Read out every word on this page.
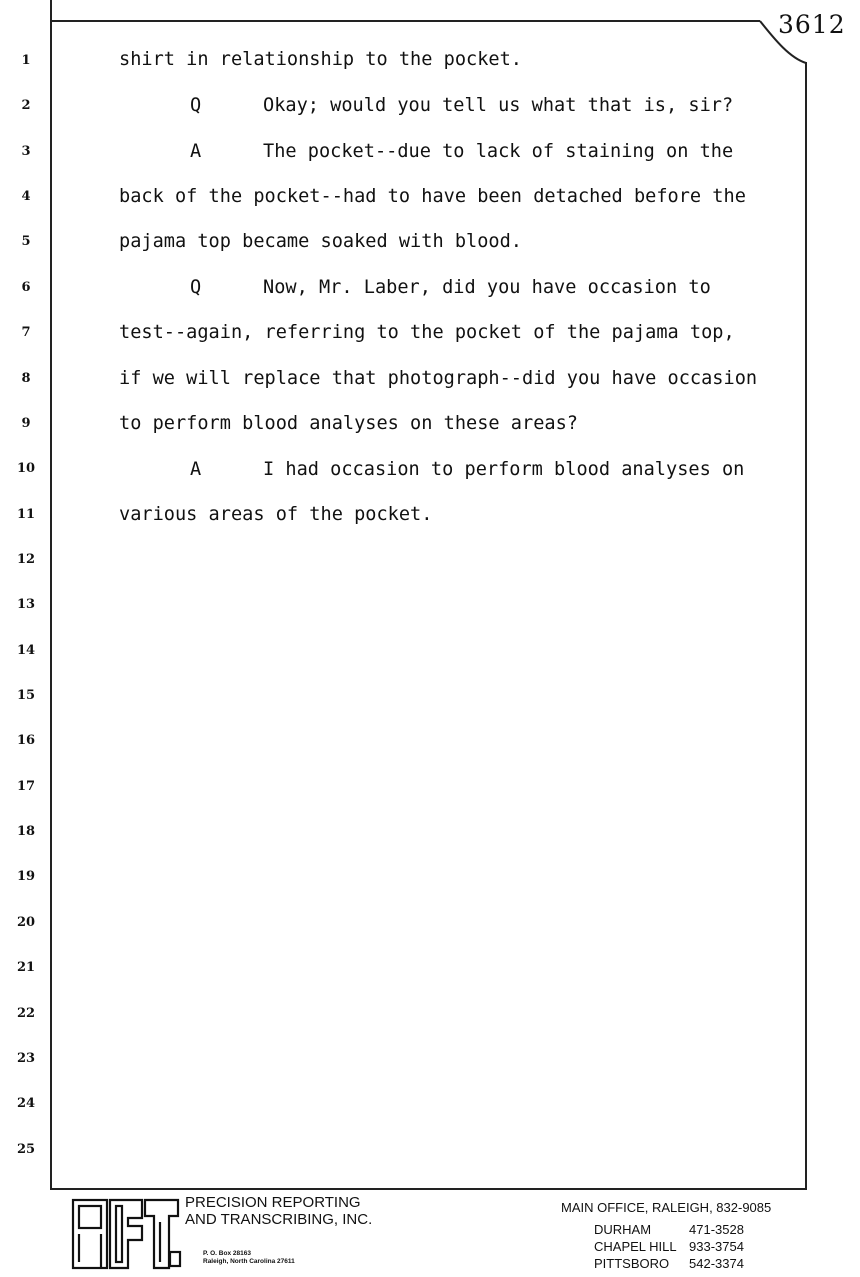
3612
1
2
3
4
5
6
7
8
9
10
11
12
13
14
15
16
17
18
19
20
21
22
23
24
25
shirt in relationship to the pocket.
Q	Okay; would you tell us what that is, sir?
A	The pocket--due to lack of staining on the
back of the pocket--had to have been detached before the
pajama top became soaked with blood.
Q	Now, Mr. Laber, did you have occasion to
test--again, referring to the pocket of the pajama top,
if we will replace that photograph--did you have occasion
to perform blood analyses on these areas?
A	I had occasion to perform blood analyses on
various areas of the pocket.
PRECISION REPORTING
AND TRANSCRIBING, INC.
P. O. Box 28163
Raleigh, North Carolina 27611
MAIN OFFICE, RALEIGH, 832-9085
DURHAM	471-3528
CHAPEL HILL 933-3754
PITTSBORO 542-3374
